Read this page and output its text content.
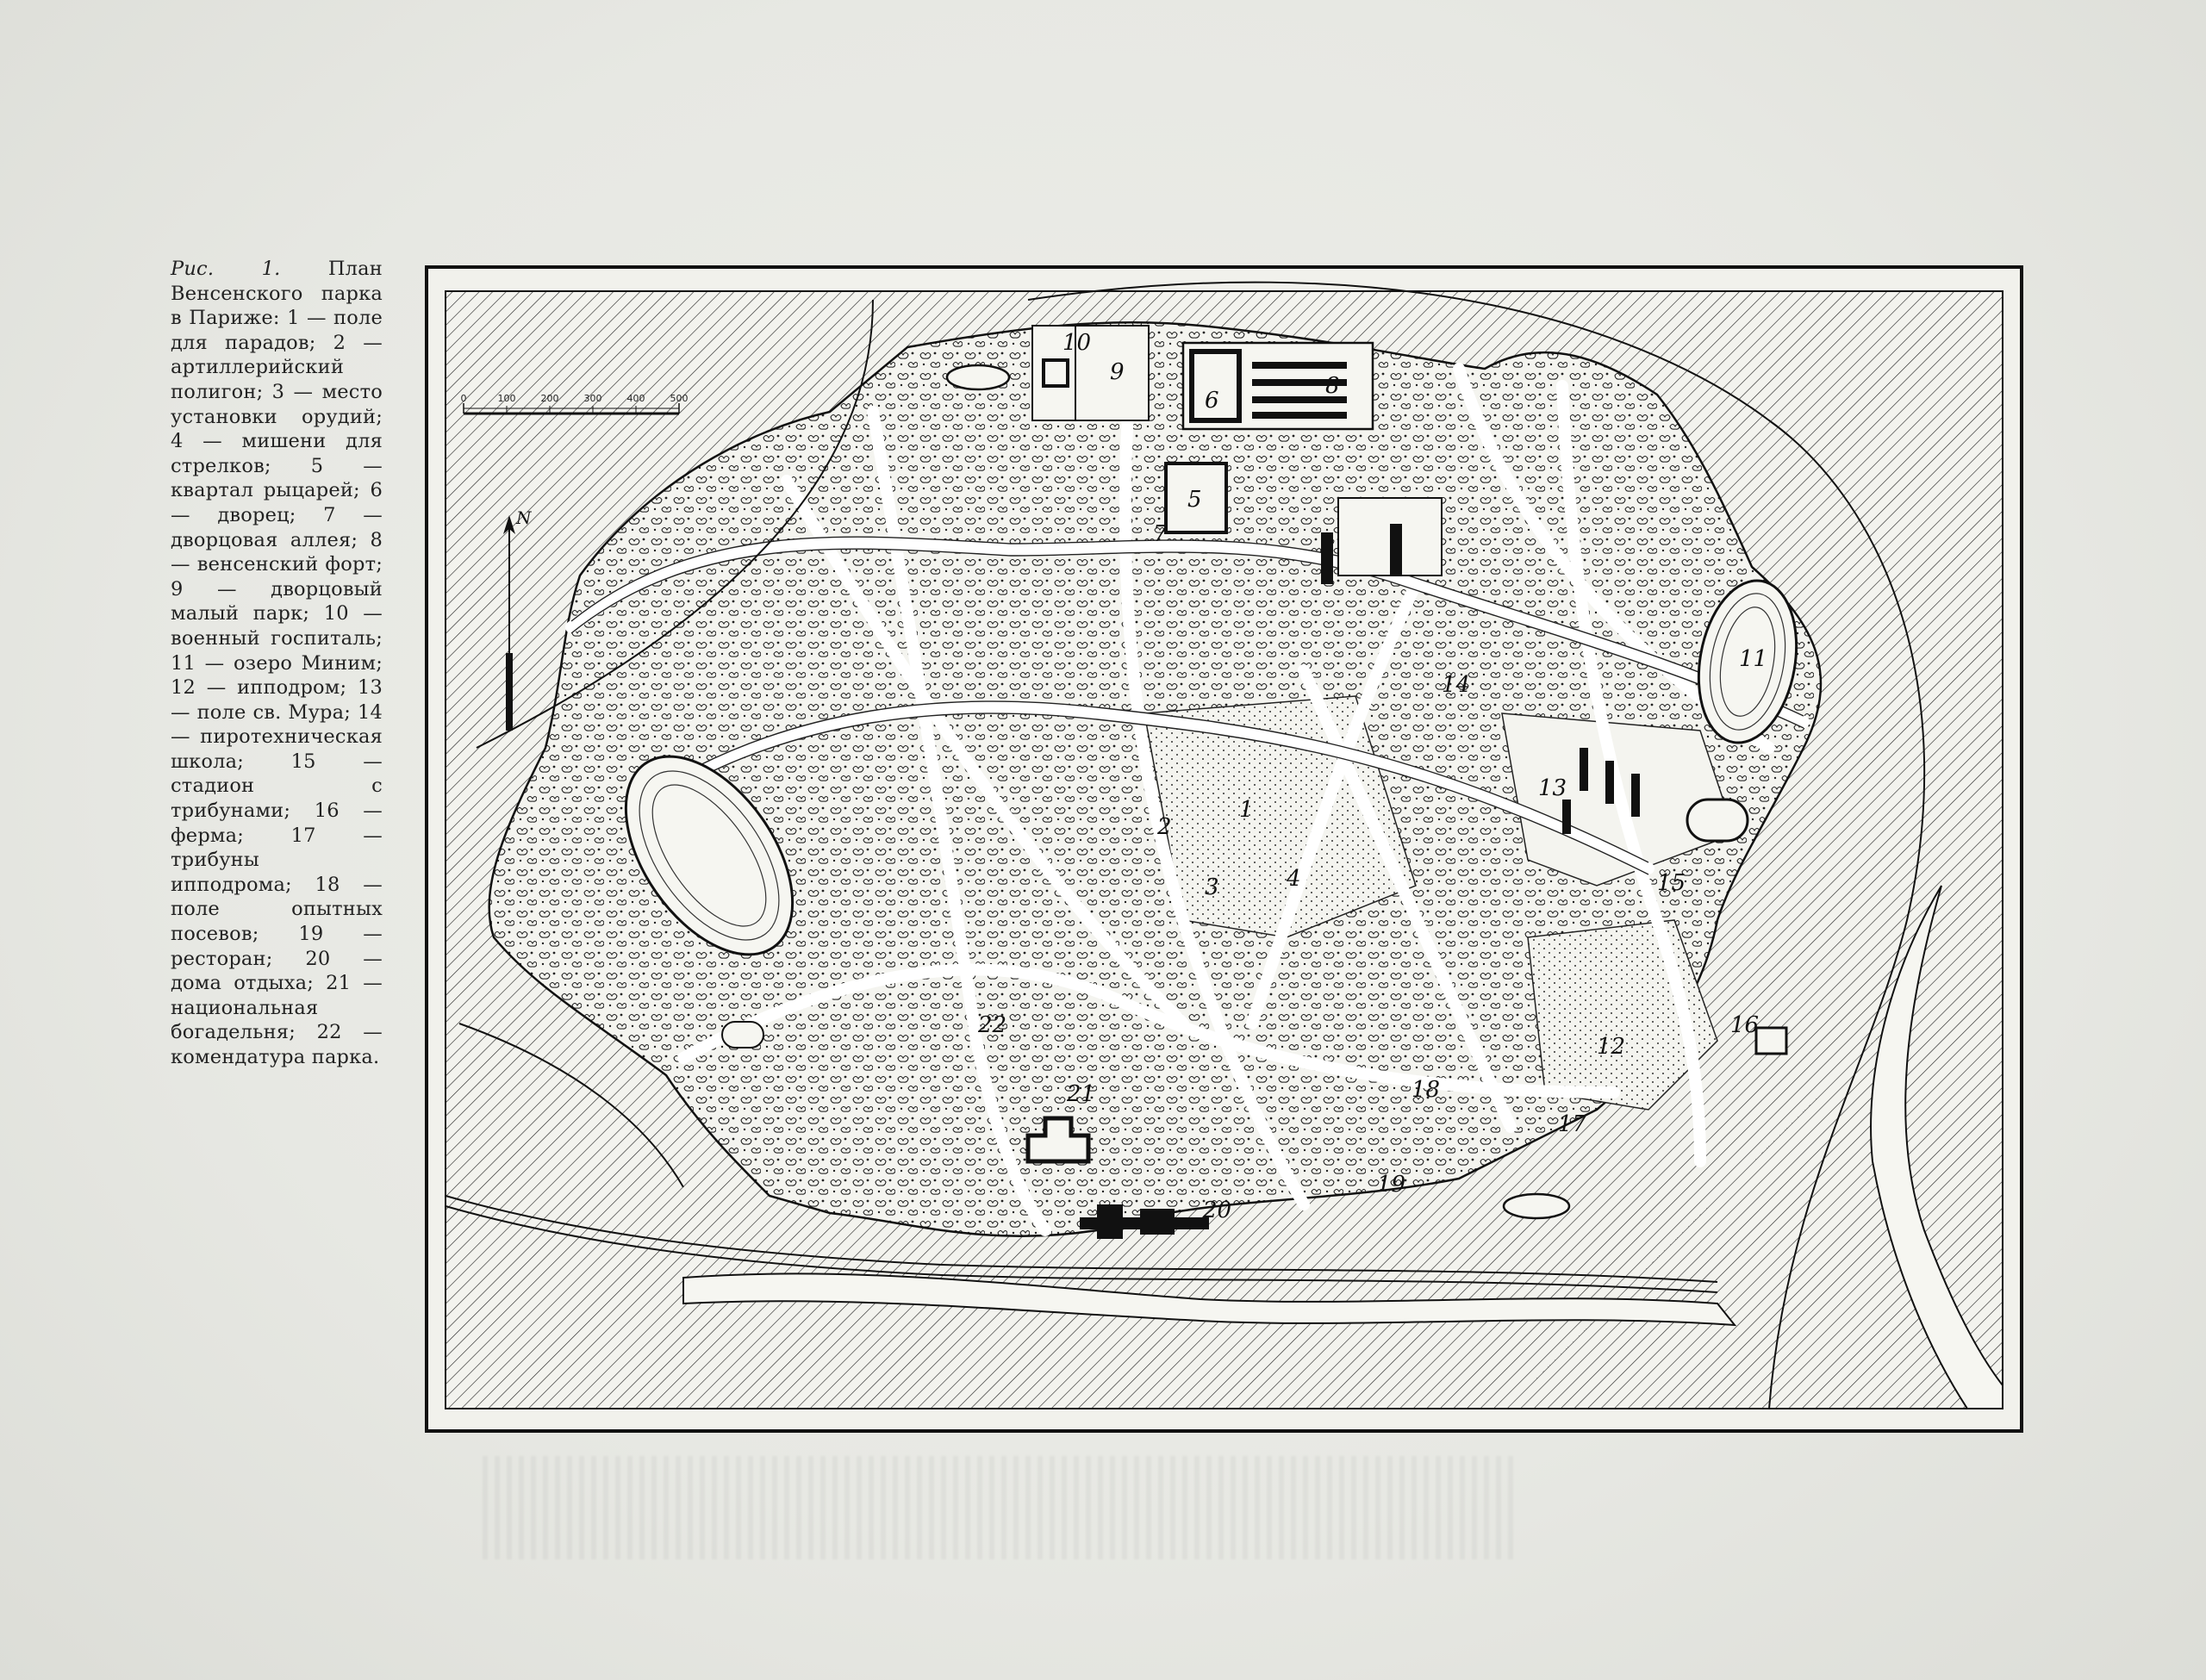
Рис. 1. План Венсенского парка в Париже: 1 — поле для парадов; 2 — артиллерийский полигон; 3 — место установки орудий; 4 — мишени для стрелков; 5 — квартал рыцарей; 6 — дворец; 7 — дворцовая аллея; 8 — венсенский форт; 9 — дворцовый малый парк; 10 — военный госпиталь; 11 — озеро Миним; 12 — ипподром; 13 — поле св. Мура; 14 — пиротехническая школа; 15 — стадион с трибунами; 16 — ферма; 17 — трибуны ипподрома; 18 — поле опытных посевов; 19 — ресторан; 20 — дома отдыха; 21 — национальная богадельня; 22 — комендатура парка.
0	100	200	300	400	500
N
1
2
3	4
5
6
7
8
9
10
11
12
13
14
15
16
17
18
19
20
21
22
